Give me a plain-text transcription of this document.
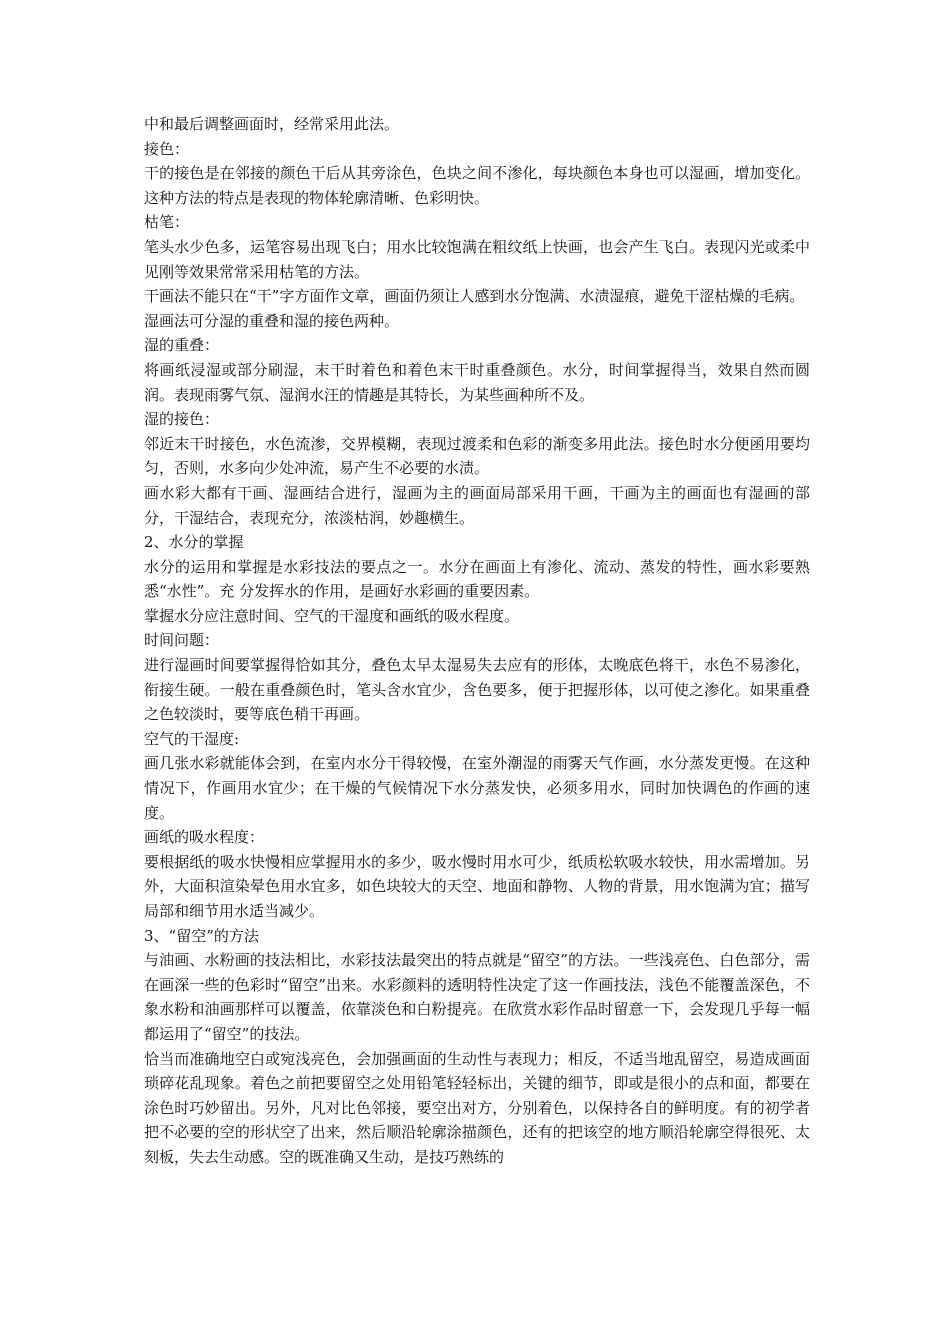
中和最后调整画面时，经常采用此法。

接色：

干的接色是在邻接的颜色干后从其旁涂色，色块之间不渗化，每块颜色本身也可以湿画，增加变化。这种方法的特点是表现的物体轮廓清晰、色彩明快。

枯笔：

笔头水少色多，运笔容易出现飞白；用水比较饱满在粗纹纸上快画，也会产生飞白。表现闪光或柔中见刚等效果常常采用枯笔的方法。

干画法不能只在“干”字方面作文章，画面仍须让人感到水分饱满、水渍湿痕，避免干涩枯燥的毛病。

湿画法可分湿的重叠和湿的接色两种。

湿的重叠：

将画纸浸湿或部分刷湿，末干时着色和着色末干时重叠颜色。水分，时间掌握得当，效果自然而圆润。表现雨雾气氛、湿润水汪的情趣是其特长，为某些画种所不及。

湿的接色：

邻近末干时接色，水色流渗，交界模糊，表现过渡柔和色彩的渐变多用此法。接色时水分便函用要均匀，否则，水多向少处冲流，易产生不必要的水渍。

画水彩大都有干画、湿画结合进行，湿画为主的画面局部采用干画，干画为主的画面也有湿画的部分，干湿结合，表现充分，浓淡枯润，妙趣横生。

2、水分的掌握

水分的运用和掌握是水彩技法的要点之一。水分在画面上有渗化、流动、蒸发的特性，画水彩要熟悉“水性”。充 分发挥水的作用，是画好水彩画的重要因素。

掌握水分应注意时间、空气的干湿度和画纸的吸水程度。

时间问题：

进行湿画时间要掌握得恰如其分，叠色太早太湿易失去应有的形体，太晚底色将干，水色不易渗化，衔接生硬。一般在重叠颜色时，笔头含水宜少，含色要多，便于把握形体，以可使之渗化。如果重叠之色较淡时，要等底色稍干再画。

空气的干湿度:

画几张水彩就能体会到，在室内水分干得较慢，在室外潮湿的雨雾天气作画，水分蒸发更慢。在这种情况下，作画用水宜少；在干燥的气候情况下水分蒸发快，必须多用水，同时加快调色的作画的速度。

画纸的吸水程度：

要根据纸的吸水快慢相应掌握用水的多少，吸水慢时用水可少，纸质松软吸水较快，用水需增加。另外，大面积渲染晕色用水宜多，如色块较大的天空、地面和静物、人物的背景，用水饱满为宜；描写局部和细节用水适当减少。

3、“留空”的方法

与油画、水粉画的技法相比，水彩技法最突出的特点就是“留空”的方法。一些浅亮色、白色部分，需在画深一些的色彩时“留空”出来。水彩颜料的透明特性决定了这一作画技法，浅色不能覆盖深色，不象水粉和油画那样可以覆盖，依靠淡色和白粉提亮。在欣赏水彩作品时留意一下，会发现几乎每一幅都运用了“留空”的技法。

恰当而准确地空白或宛浅亮色，会加强画面的生动性与表现力；相反，不适当地乱留空，易造成画面琐碎花乱现象。着色之前把要留空之处用铅笔轻轻标出，关键的细节，即或是很小的点和面，都要在涂色时巧妙留出。另外，凡对比色邻接，要空出对方，分别着色，以保持各自的鲜明度。有的初学者把不必要的空的形状空了出来，然后顺沿轮廓涂描颜色，还有的把该空的地方顺沿轮廓空得很死、太刻板，失去生动感。空的既准确又生动，是技巧熟练的
